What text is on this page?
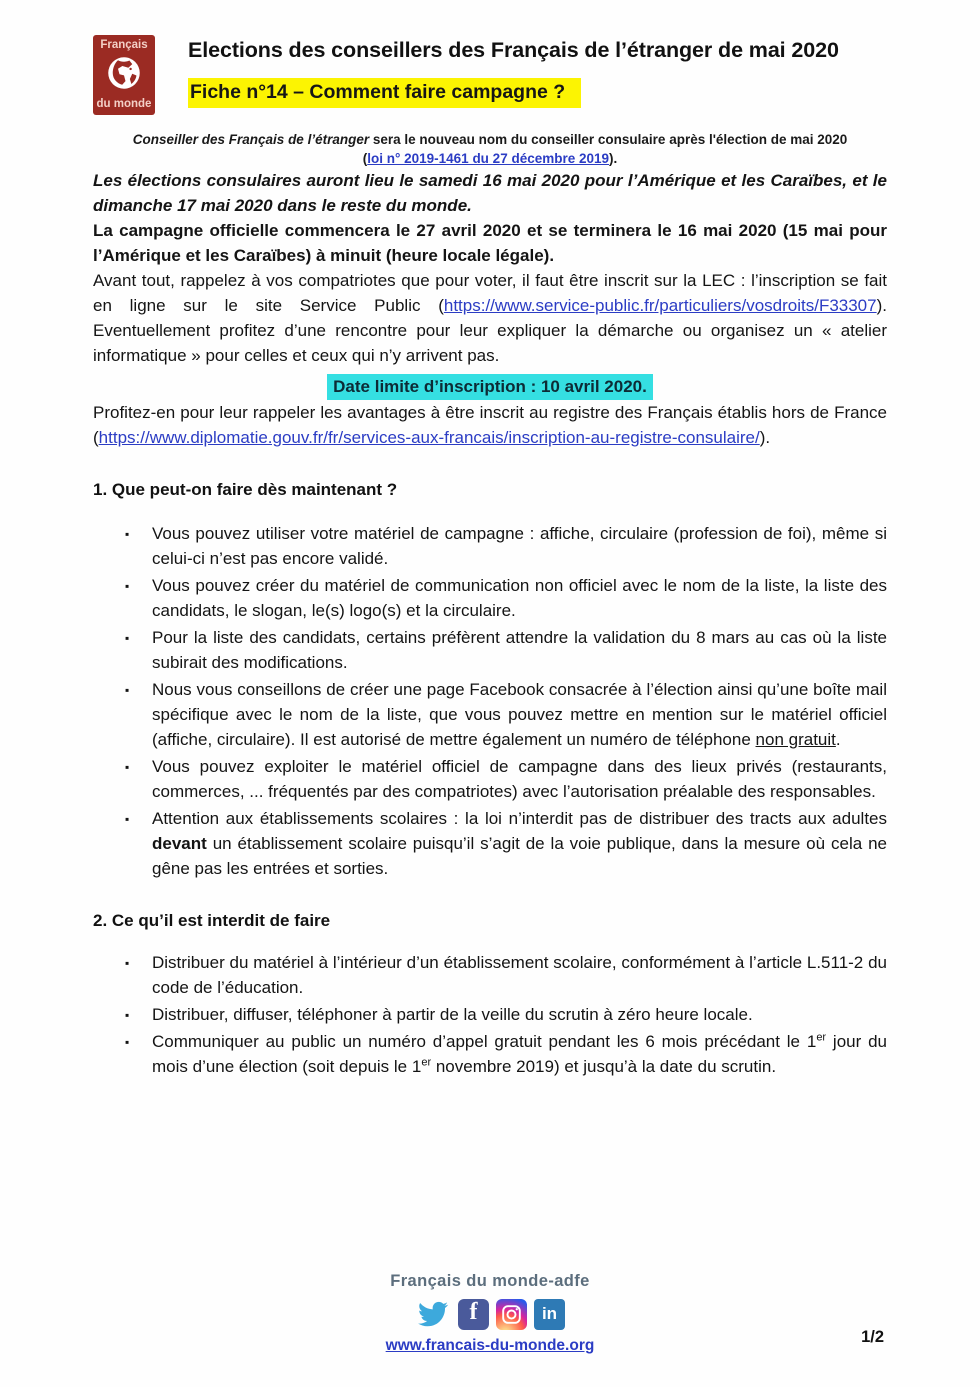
Français
du monde
Elections des conseillers des Français de l’étranger de mai 2020
Fiche n°14 – Comment faire campagne ?
Conseiller des Français de l’étranger sera le nouveau nom du conseiller consulaire après l'élection de mai 2020
(loi n° 2019-1461 du 27 décembre 2019).

Les élections consulaires auront lieu le samedi 16 mai 2020 pour l’Amérique et les Caraïbes, et le dimanche 17 mai 2020 dans le reste du monde.

La campagne officielle commencera le 27 avril 2020 et se terminera le 16 mai 2020 (15 mai pour l’Amérique et les Caraïbes) à minuit (heure locale légale).

Avant tout, rappelez à vos compatriotes que pour voter, il faut être inscrit sur la LEC : l’inscription se fait en ligne sur le site Service Public (https://www.service-public.fr/particuliers/vosdroits/F33307). Eventuellement profitez d’une rencontre pour leur expliquer la démarche ou organisez un « atelier informatique » pour celles et ceux qui n’y arrivent pas.

Date limite d’inscription : 10 avril 2020.

Profitez-en pour leur rappeler les avantages à être inscrit au registre des Français établis hors de France (https://www.diplomatie.gouv.fr/fr/services-aux-francais/inscription-au-registre-consulaire/).

1. Que peut-on faire dès maintenant ?
▪ Vous pouvez utiliser votre matériel de campagne : affiche, circulaire (profession de foi), même si celui-ci n’est pas encore validé.
▪ Vous pouvez créer du matériel de communication non officiel avec le nom de la liste, la liste des candidats, le slogan, le(s) logo(s) et la circulaire.
▪ Pour la liste des candidats, certains préfèrent attendre la validation du 8 mars au cas où la liste subirait des modifications.
▪ Nous vous conseillons de créer une page Facebook consacrée à l’élection ainsi qu’une boîte mail spécifique avec le nom de la liste, que vous pouvez mettre en mention sur le matériel officiel (affiche, circulaire). Il est autorisé de mettre également un numéro de téléphone non gratuit.
▪ Vous pouvez exploiter le matériel officiel de campagne dans des lieux privés (restaurants, commerces, ... fréquentés par des compatriotes) avec l’autorisation préalable des responsables.
▪ Attention aux établissements scolaires : la loi n’interdit pas de distribuer des tracts aux adultes devant un établissement scolaire puisqu’il s’agit de la voie publique, dans la mesure où cela ne gêne pas les entrées et sorties.
2. Ce qu’il est interdit de faire
▪ Distribuer du matériel à l’intérieur d’un établissement scolaire, conformément à l’article L.511-2 du code de l’éducation.
▪ Distribuer, diffuser, téléphoner à partir de la veille du scrutin à zéro heure locale.
▪ Communiquer au public un numéro d’appel gratuit pendant les 6 mois précédant le 1er jour du mois d’une élection (soit depuis le 1er novembre 2019) et jusqu’à la date du scrutin.
Français du monde-adfe
f	in
www.francais-du-monde.org	1/2
